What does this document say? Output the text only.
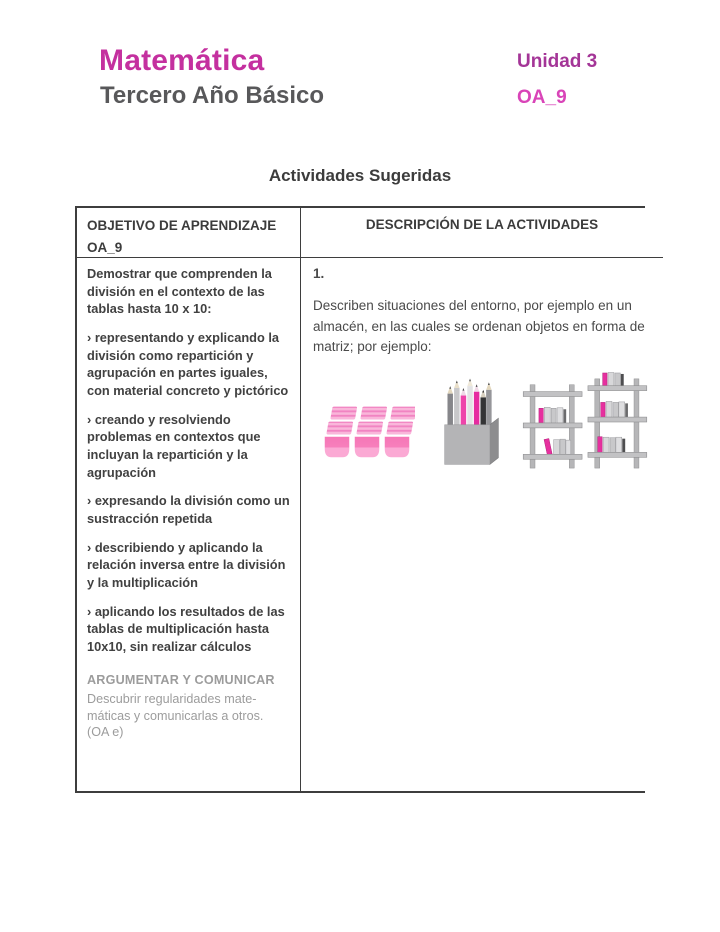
Matemática
Tercero Año Básico
Unidad 3
OA_9
Actividades Sugeridas
OBJETIVO DE APRENDIZAJE
OA_9
DESCRIPCIÓN DE LA ACTIVIDADES

Demostrar que comprenden la división en el contexto de las tablas hasta 10 x 10:

› representando y explicando la división como repartición y agrupación en partes iguales, con material concreto y pictórico

› creando y resolviendo problemas en contextos que incluyan la repartición y la agrupación

› expresando la división como un sustracción repetida

› describiendo y aplicando la relación inversa entre la división y la multiplicación

› aplicando los resultados de las tablas de multiplicación hasta 10x10, sin realizar cálculos

ARGUMENTAR Y COMUNICAR
Descubrir regularidades mate-
máticas y comunicarlas a otros.
(OA e)

1.

Describen situaciones del entorno, por ejemplo en un almacén, en las cuales se ordenan objetos en forma de matriz; por ejemplo:
